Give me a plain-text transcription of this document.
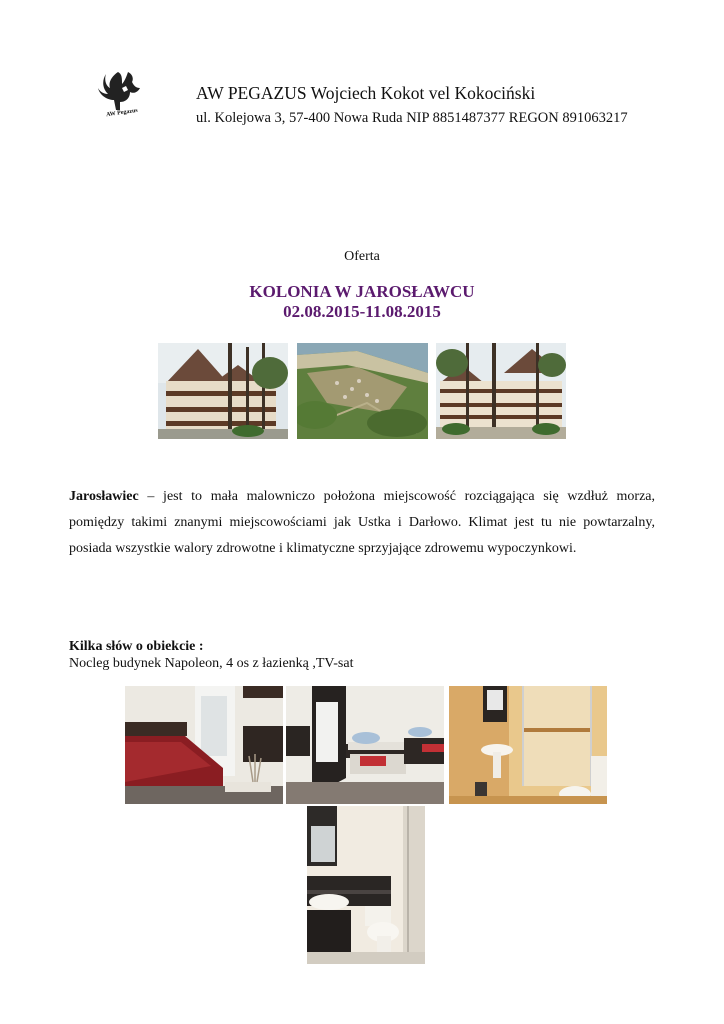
AW Pegazus
AW PEGAZUS Wojciech Kokot vel Kokociński
ul. Kolejowa 3, 57-400 Nowa Ruda NIP 8851487377 REGON 891063217
Oferta
KOLONIA W JAROSŁAWCU
02.08.2015-11.08.2015

Jarosławiec – jest to mała malowniczo położona miejscowość rozciągająca się wzdłuż morza, pomiędzy takimi znanymi miejscowościami jak Ustka i Darłowo. Klimat jest tu nie powtarzalny, posiada wszystkie walory zdrowotne i klimatyczne sprzyjające zdrowemu wypoczynkowi.

Kilka słów o obiekcie :
Nocleg budynek Napoleon, 4 os z łazienką ,TV-sat
